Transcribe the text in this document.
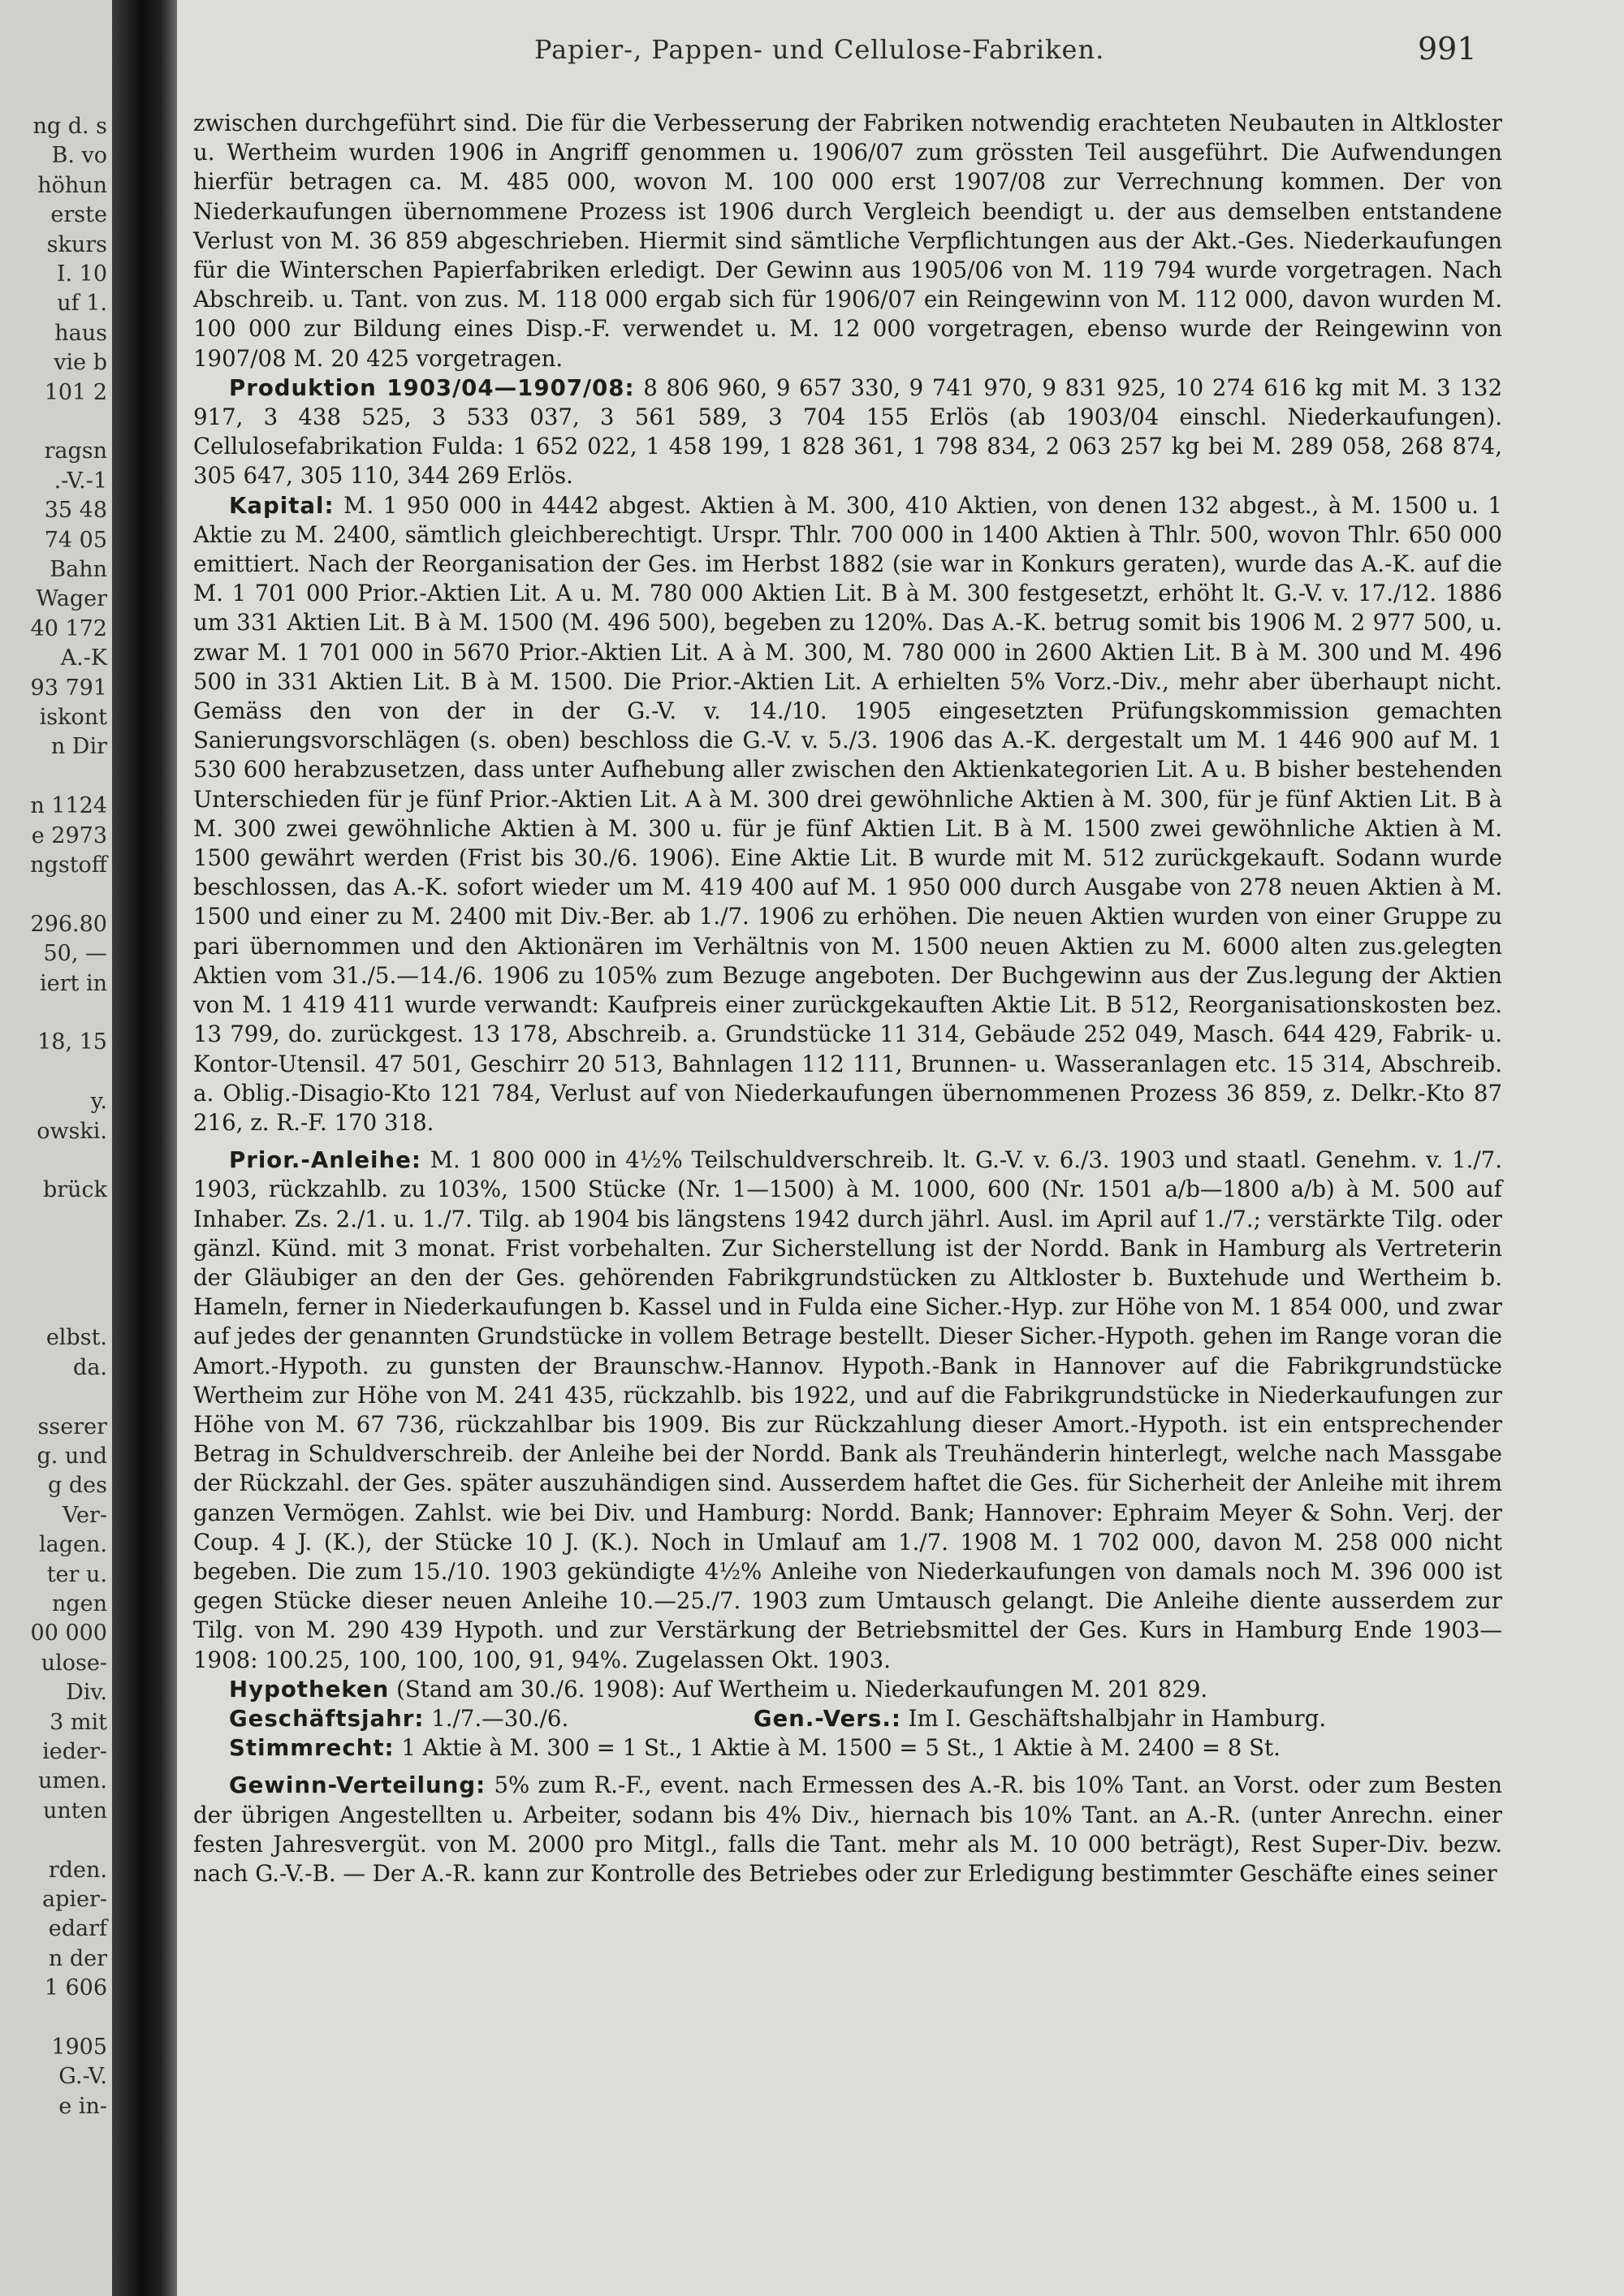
ng d. s
B. vo
höhun
erste
skurs
I. 10
uf 1.
haus
vie b
101 2
ragsn
.-V.-1
35 48
74 05
Bahn
Wager
40 172
A.-K
93 791
iskont
n Dir
n 1124
e 2973
ngstoff
296.80
50, —
iert in
18, 15
y.
owski.
brück
elbst.
da.
sserer
g. und
g des
Ver-
lagen.
ter u.
ngen
00 000
ulose-
Div.
3 mit
ieder-
umen.
unten
rden.
apier-
edarf
n der
1 606
1905
G.-V.
e in-
Papier-, Pappen- und Cellulose-Fabriken.	991

zwischen durchgeführt sind. Die für die Verbesserung der Fabriken notwendig erachteten Neubauten in Altkloster u. Wertheim wurden 1906 in Angriff genommen u. 1906/07 zum grössten Teil ausgeführt. Die Aufwendungen hierfür betragen ca. M. 485 000, wovon M. 100 000 erst 1907/08 zur Verrechnung kommen. Der von Niederkaufungen übernommene Prozess ist 1906 durch Vergleich beendigt u. der aus demselben entstandene Verlust von M. 36 859 abgeschrieben. Hiermit sind sämtliche Verpflichtungen aus der Akt.-Ges. Niederkaufungen für die Winterschen Papierfabriken erledigt. Der Gewinn aus 1905/06 von M. 119 794 wurde vorgetragen. Nach Abschreib. u. Tant. von zus. M. 118 000 ergab sich für 1906/07 ein Reingewinn von M. 112 000, davon wurden M. 100 000 zur Bildung eines Disp.-F. verwendet u. M. 12 000 vorgetragen, ebenso wurde der Reingewinn von 1907/08 M. 20 425 vorgetragen.

Produktion 1903/04—1907/08: 8 806 960, 9 657 330, 9 741 970, 9 831 925, 10 274 616 kg mit M. 3 132 917, 3 438 525, 3 533 037, 3 561 589, 3 704 155 Erlös (ab 1903/04 einschl. Niederkaufungen). Cellulosefabrikation Fulda: 1 652 022, 1 458 199, 1 828 361, 1 798 834, 2 063 257 kg bei M. 289 058, 268 874, 305 647, 305 110, 344 269 Erlös.

Kapital: M. 1 950 000 in 4442 abgest. Aktien à M. 300, 410 Aktien, von denen 132 abgest., à M. 1500 u. 1 Aktie zu M. 2400, sämtlich gleichberechtigt. Urspr. Thlr. 700 000 in 1400 Aktien à Thlr. 500, wovon Thlr. 650 000 emittiert. Nach der Reorganisation der Ges. im Herbst 1882 (sie war in Konkurs geraten), wurde das A.-K. auf die M. 1 701 000 Prior.-Aktien Lit. A u. M. 780 000 Aktien Lit. B à M. 300 festgesetzt, erhöht lt. G.-V. v. 17./12. 1886 um 331 Aktien Lit. B à M. 1500 (M. 496 500), begeben zu 120%. Das A.-K. betrug somit bis 1906 M. 2 977 500, u. zwar M. 1 701 000 in 5670 Prior.-Aktien Lit. A à M. 300, M. 780 000 in 2600 Aktien Lit. B à M. 300 und M. 496 500 in 331 Aktien Lit. B à M. 1500. Die Prior.-Aktien Lit. A erhielten 5% Vorz.-Div., mehr aber überhaupt nicht. Gemäss den von der in der G.-V. v. 14./10. 1905 eingesetzten Prüfungskommission gemachten Sanierungsvorschlägen (s. oben) beschloss die G.-V. v. 5./3. 1906 das A.-K. dergestalt um M. 1 446 900 auf M. 1 530 600 herabzusetzen, dass unter Aufhebung aller zwischen den Aktienkategorien Lit. A u. B bisher bestehenden Unterschieden für je fünf Prior.-Aktien Lit. A à M. 300 drei gewöhnliche Aktien à M. 300, für je fünf Aktien Lit. B à M. 300 zwei gewöhnliche Aktien à M. 300 u. für je fünf Aktien Lit. B à M. 1500 zwei gewöhnliche Aktien à M. 1500 gewährt werden (Frist bis 30./6. 1906). Eine Aktie Lit. B wurde mit M. 512 zurückgekauft. Sodann wurde beschlossen, das A.-K. sofort wieder um M. 419 400 auf M. 1 950 000 durch Ausgabe von 278 neuen Aktien à M. 1500 und einer zu M. 2400 mit Div.-Ber. ab 1./7. 1906 zu erhöhen. Die neuen Aktien wurden von einer Gruppe zu pari übernommen und den Aktionären im Verhältnis von M. 1500 neuen Aktien zu M. 6000 alten zus.gelegten Aktien vom 31./5.—14./6. 1906 zu 105% zum Bezuge angeboten. Der Buchgewinn aus der Zus.legung der Aktien von M. 1 419 411 wurde verwandt: Kaufpreis einer zurückgekauften Aktie Lit. B 512, Reorganisationskosten bez. 13 799, do. zurückgest. 13 178, Abschreib. a. Grundstücke 11 314, Gebäude 252 049, Masch. 644 429, Fabrik- u. Kontor-Utensil. 47 501, Geschirr 20 513, Bahnlagen 112 111, Brunnen- u. Wasseranlagen etc. 15 314, Abschreib. a. Oblig.-Disagio-Kto 121 784, Verlust auf von Niederkaufungen übernommenen Prozess 36 859, z. Delkr.-Kto 87 216, z. R.-F. 170 318.

Prior.-Anleihe: M. 1 800 000 in 4½% Teilschuldverschreib. lt. G.-V. v. 6./3. 1903 und staatl. Genehm. v. 1./7. 1903, rückzahlb. zu 103%, 1500 Stücke (Nr. 1—1500) à M. 1000, 600 (Nr. 1501 a/b—1800 a/b) à M. 500 auf Inhaber. Zs. 2./1. u. 1./7. Tilg. ab 1904 bis längstens 1942 durch jährl. Ausl. im April auf 1./7.; verstärkte Tilg. oder gänzl. Künd. mit 3 monat. Frist vorbehalten. Zur Sicherstellung ist der Nordd. Bank in Hamburg als Vertreterin der Gläubiger an den der Ges. gehörenden Fabrikgrundstücken zu Altkloster b. Buxtehude und Wertheim b. Hameln, ferner in Niederkaufungen b. Kassel und in Fulda eine Sicher.-Hyp. zur Höhe von M. 1 854 000, und zwar auf jedes der genannten Grundstücke in vollem Betrage bestellt. Dieser Sicher.-Hypoth. gehen im Range voran die Amort.-Hypoth. zu gunsten der Braunschw.-Hannov. Hypoth.-Bank in Hannover auf die Fabrikgrundstücke Wertheim zur Höhe von M. 241 435, rückzahlb. bis 1922, und auf die Fabrikgrundstücke in Niederkaufungen zur Höhe von M. 67 736, rückzahlbar bis 1909. Bis zur Rückzahlung dieser Amort.-Hypoth. ist ein entsprechender Betrag in Schuldverschreib. der Anleihe bei der Nordd. Bank als Treuhänderin hinterlegt, welche nach Massgabe der Rückzahl. der Ges. später auszuhändigen sind. Ausserdem haftet die Ges. für Sicherheit der Anleihe mit ihrem ganzen Vermögen. Zahlst. wie bei Div. und Hamburg: Nordd. Bank; Hannover: Ephraim Meyer & Sohn. Verj. der Coup. 4 J. (K.), der Stücke 10 J. (K.). Noch in Umlauf am 1./7. 1908 M. 1 702 000, davon M. 258 000 nicht begeben. Die zum 15./10. 1903 gekündigte 4½% Anleihe von Niederkaufungen von damals noch M. 396 000 ist gegen Stücke dieser neuen Anleihe 10.—25./7. 1903 zum Umtausch gelangt. Die Anleihe diente ausserdem zur Tilg. von M. 290 439 Hypoth. und zur Verstärkung der Betriebsmittel der Ges. Kurs in Hamburg Ende 1903—1908: 100.25, 100, 100, 100, 91, 94%. Zugelassen Okt. 1903.

Hypotheken (Stand am 30./6. 1908): Auf Wertheim u. Niederkaufungen M. 201 829.

Geschäftsjahr: 1./7.—30./6.	Gen.-Vers.: Im I. Geschäftshalbjahr in Hamburg.

Stimmrecht: 1 Aktie à M. 300 = 1 St., 1 Aktie à M. 1500 = 5 St., 1 Aktie à M. 2400 = 8 St.

Gewinn-Verteilung: 5% zum R.-F., event. nach Ermessen des A.-R. bis 10% Tant. an Vorst. oder zum Besten der übrigen Angestellten u. Arbeiter, sodann bis 4% Div., hiernach bis 10% Tant. an A.-R. (unter Anrechn. einer festen Jahresvergüt. von M. 2000 pro Mitgl., falls die Tant. mehr als M. 10 000 beträgt), Rest Super-Div. bezw. nach G.-V.-B. — Der A.-R. kann zur Kontrolle des Betriebes oder zur Erledigung bestimmter Geschäfte eines seiner
